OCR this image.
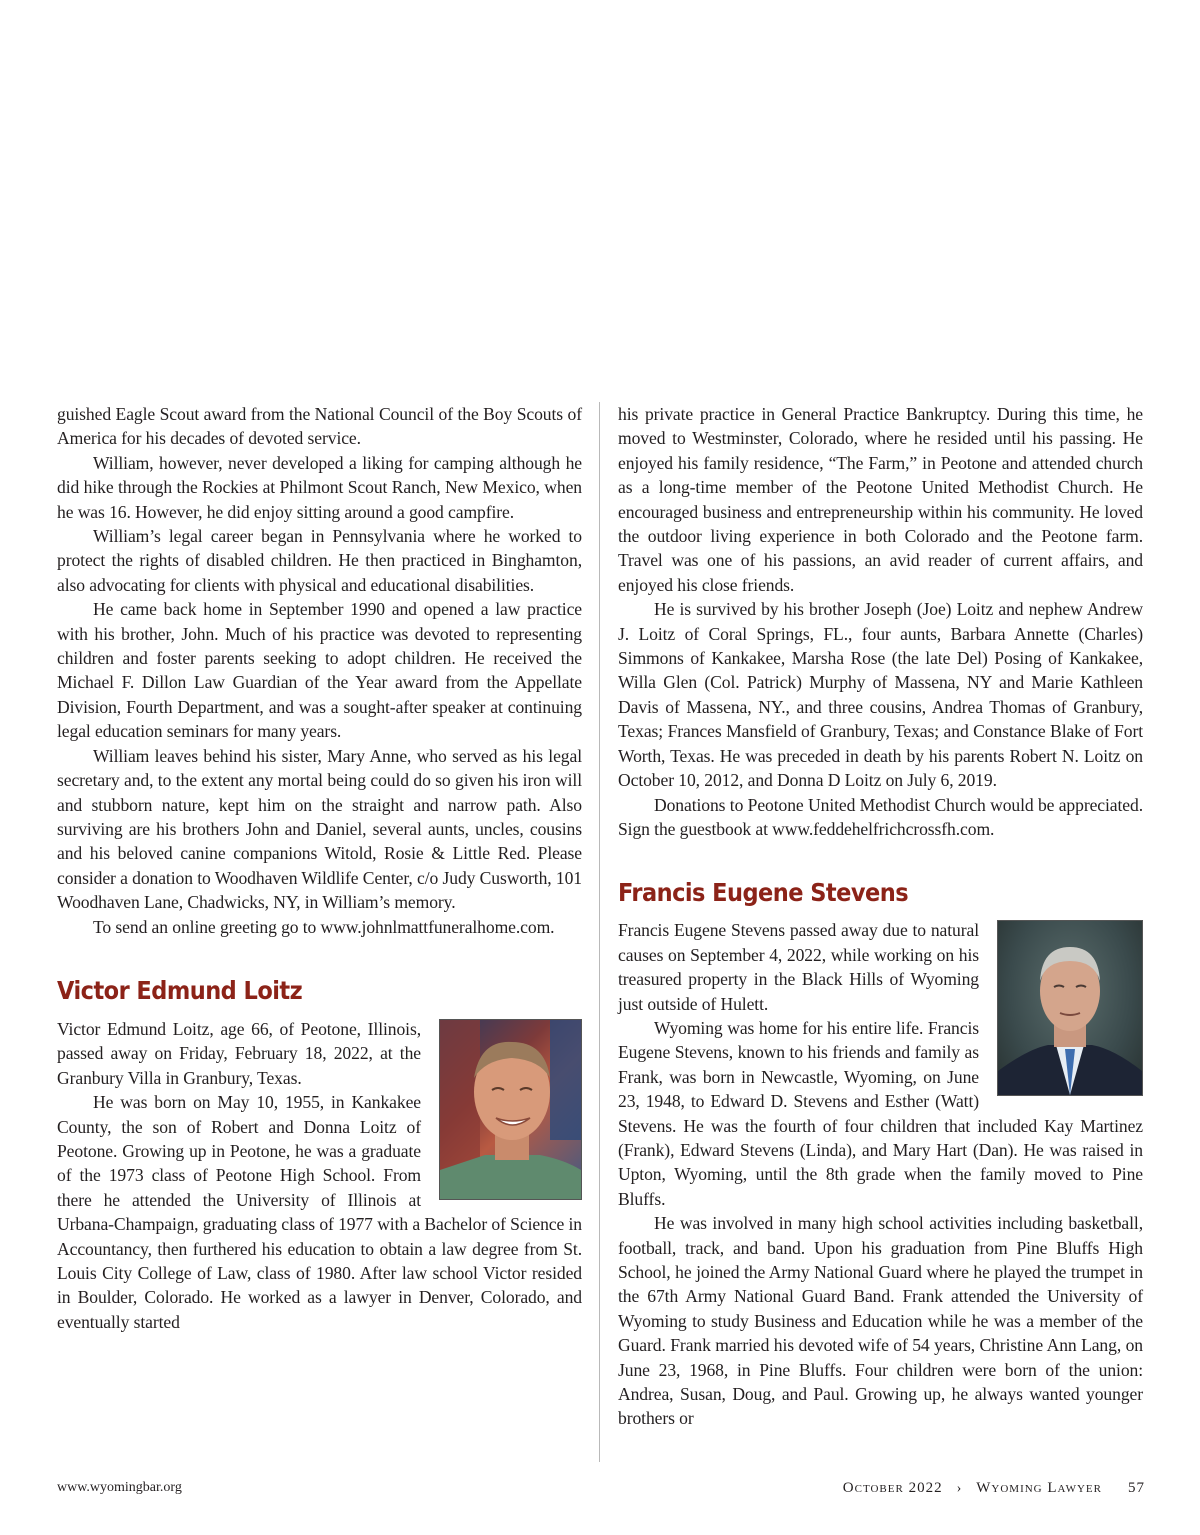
guished Eagle Scout award from the National Council of the Boy Scouts of America for his decades of devoted service.

William, however, never developed a liking for camping although he did hike through the Rockies at Philmont Scout Ranch, New Mexico, when he was 16. However, he did enjoy sitting around a good campfire.

William’s legal career began in Pennsylvania where he worked to protect the rights of disabled children. He then practiced in Binghamton, also advocating for clients with physical and educational disabilities.

He came back home in September 1990 and opened a law practice with his brother, John. Much of his practice was devoted to representing children and foster parents seeking to adopt children. He received the Michael F. Dillon Law Guardian of the Year award from the Appellate Division, Fourth Department, and was a sought-after speaker at continuing legal education seminars for many years.

William leaves behind his sister, Mary Anne, who served as his legal secretary and, to the extent any mortal being could do so given his iron will and stubborn nature, kept him on the straight and narrow path. Also surviving are his brothers John and Daniel, several aunts, uncles, cousins and his beloved canine companions Witold, Rosie & Little Red. Please consider a donation to Woodhaven Wildlife Center, c/o Judy Cusworth, 101 Woodhaven Lane, Chadwicks, NY, in William’s memory.

To send an online greeting go to www.johnlmattfuneralhome.com.

Victor Edmund Loitz

Victor Edmund Loitz, age 66, of Peotone, Illinois, passed away on Friday, February 18, 2022, at the Granbury Villa in Granbury, Texas.

He was born on May 10, 1955, in Kankakee County, the son of Robert and Donna Loitz of Peotone. Growing up in Peotone, he was a graduate of the 1973 class of Peotone High School. From there he attended the University of Illinois at Urbana-Champaign, graduating class of 1977 with a Bachelor of Science in Accountancy, then furthered his education to obtain a law degree from St. Louis City College of Law, class of 1980. After law school Victor resided in Boulder, Colorado. He worked as a lawyer in Denver, Colorado, and eventually started

his private practice in General Practice Bankruptcy. During this time, he moved to Westminster, Colorado, where he resided until his passing. He enjoyed his family residence, “The Farm,” in Peotone and attended church as a long-time member of the Peotone United Methodist Church. He encouraged business and entrepreneurship within his community. He loved the outdoor living experience in both Colorado and the Peotone farm. Travel was one of his passions, an avid reader of current affairs, and enjoyed his close friends.

He is survived by his brother Joseph (Joe) Loitz and nephew Andrew J. Loitz of Coral Springs, FL., four aunts, Barbara Annette (Charles) Simmons of Kankakee, Marsha Rose (the late Del) Posing of Kankakee, Willa Glen (Col. Patrick) Murphy of Massena, NY and Marie Kathleen Davis of Massena, NY., and three cousins, Andrea Thomas of Granbury, Texas; Frances Mansfield of Granbury, Texas; and Constance Blake of Fort Worth, Texas. He was preceded in death by his parents Robert N. Loitz on October 10, 2012, and Donna D Loitz on July 6, 2019.

Donations to Peotone United Methodist Church would be appreciated. Sign the guestbook at www.feddehelfrichcrossfh.com.

Francis Eugene Stevens

Francis Eugene Stevens passed away due to natural causes on September 4, 2022, while working on his treasured property in the Black Hills of Wyoming just outside of Hulett.

Wyoming was home for his entire life. Francis Eugene Stevens, known to his friends and family as Frank, was born in Newcastle, Wyoming, on June 23, 1948, to Edward D. Stevens and Esther (Watt) Stevens. He was the fourth of four children that included Kay Martinez (Frank), Edward Stevens (Linda), and Mary Hart (Dan). He was raised in Upton, Wyoming, until the 8th grade when the family moved to Pine Bluffs.

He was involved in many high school activities including basketball, football, track, and band. Upon his graduation from Pine Bluffs High School, he joined the Army National Guard where he played the trumpet in the 67th Army National Guard Band. Frank attended the University of Wyoming to study Business and Education while he was a member of the Guard. Frank married his devoted wife of 54 years, Christine Ann Lang, on June 23, 1968, in Pine Bluffs. Four children were born of the union: Andrea, Susan, Doug, and Paul. Growing up, he always wanted younger brothers or

www.wyomingbar.org	October 2022 › Wyoming Lawyer 57
